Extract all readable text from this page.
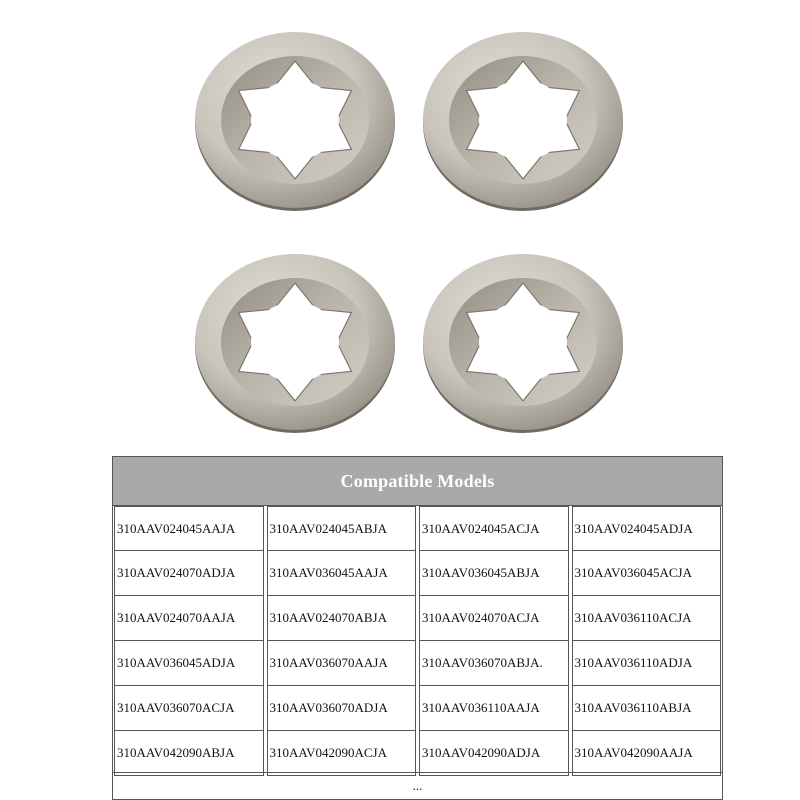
Compatible Models
310AAV024045AAJA	310AAV024045ABJA	310AAV024045ACJA	310AAV024045ADJA
310AAV024070ADJA	310AAV036045AAJA	310AAV036045ABJA	310AAV036045ACJA
310AAV024070AAJA	310AAV024070ABJA	310AAV024070ACJA	310AAV036110ACJA
310AAV036045ADJA	310AAV036070AAJA	310AAV036070ABJA.	310AAV036110ADJA
310AAV036070ACJA	310AAV036070ADJA	310AAV036110AAJA	310AAV036110ABJA
310AAV042090ABJA	310AAV042090ACJA	310AAV042090ADJA	310AAV042090AAJA
...
